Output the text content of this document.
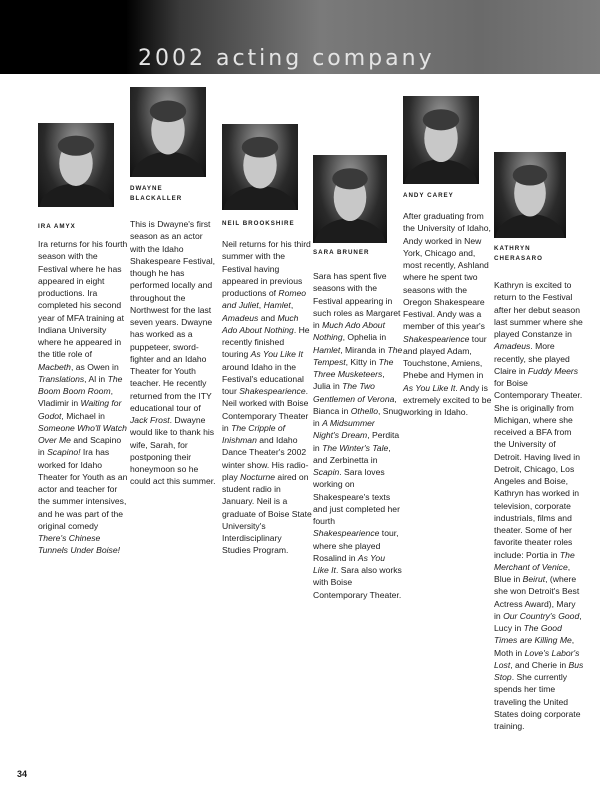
2002 acting company
IRA AMYX
Ira returns for his fourth season with the Festival where he has appeared in eight productions. Ira completed his second year of MFA training at Indiana University where he appeared in the title role of Macbeth, as Owen in Translations, Al in The Boom Boom Room, Vladimir in Waiting for Godot, Michael in Someone Who'll Watch Over Me and Scapino in Scapino! Ira has worked for Idaho Theater for Youth as an actor and teacher for the summer intensives, and he was part of the original comedy There's Chinese Tunnels Under Boise!
DWAYNE
BLACKALLER
This is Dwayne's first season as an actor with the Idaho Shakespeare Festival, though he has performed locally and throughout the Northwest for the last seven years. Dwayne has worked as a puppeteer, sword-fighter and an Idaho Theater for Youth teacher. He recently returned from the ITY educational tour of Jack Frost. Dwayne would like to thank his wife, Sarah, for postponing their honeymoon so he could act this summer.
NEIL BROOKSHIRE
Neil returns for his third summer with the Festival having appeared in previous productions of Romeo and Juliet, Hamlet, Amadeus and Much Ado About Nothing. He recently finished touring As You Like It around Idaho in the Festival's educational tour Shakespearience. Neil worked with Boise Contemporary Theater in The Cripple of Inishman and Idaho Dance Theater's 2002 winter show. His radio-play Nocturne aired on student radio in January. Neil is a graduate of Boise State University's Interdisciplinary Studies Program.
SARA BRUNER
Sara has spent five seasons with the Festival appearing in such roles as Margaret in Much Ado About Nothing, Ophelia in Hamlet, Miranda in The Tempest, Kitty in The Three Musketeers, Julia in The Two Gentlemen of Verona, Bianca in Othello, Snug in A Midsummer Night's Dream, Perdita in The Winter's Tale, and Zerbinetta in Scapin. Sara loves working on Shakespeare's texts and just completed her fourth Shakespearience tour, where she played Rosalind in As You Like It. Sara also works with Boise Contemporary Theater.
ANDY CAREY
After graduating from the University of Idaho, Andy worked in New York, Chicago and, most recently, Ashland where he spent two seasons with the Oregon Shakespeare Festival. Andy was a member of this year's Shakespearience tour and played Adam, Touchstone, Amiens, Phebe and Hymen in As You Like It. Andy is extremely excited to be working in Idaho.
KATHRYN
CHERASARO
Kathryn is excited to return to the Festival after her debut season last summer where she played Constanze in Amadeus. More recently, she played Claire in Fuddy Meers for Boise Contemporary Theater. She is originally from Michigan, where she received a BFA from the University of Detroit. Having lived in Detroit, Chicago, Los Angeles and Boise, Kathryn has worked in television, corporate industrials, films and theater. Some of her favorite theater roles include: Portia in The Merchant of Venice, Blue in Beirut, (where she won Detroit's Best Actress Award), Mary in Our Country's Good, Lucy in The Good Times are Killing Me, Moth in Love's Labor's Lost, and Cherie in Bus Stop. She currently spends her time traveling the United States doing corporate training.
34
